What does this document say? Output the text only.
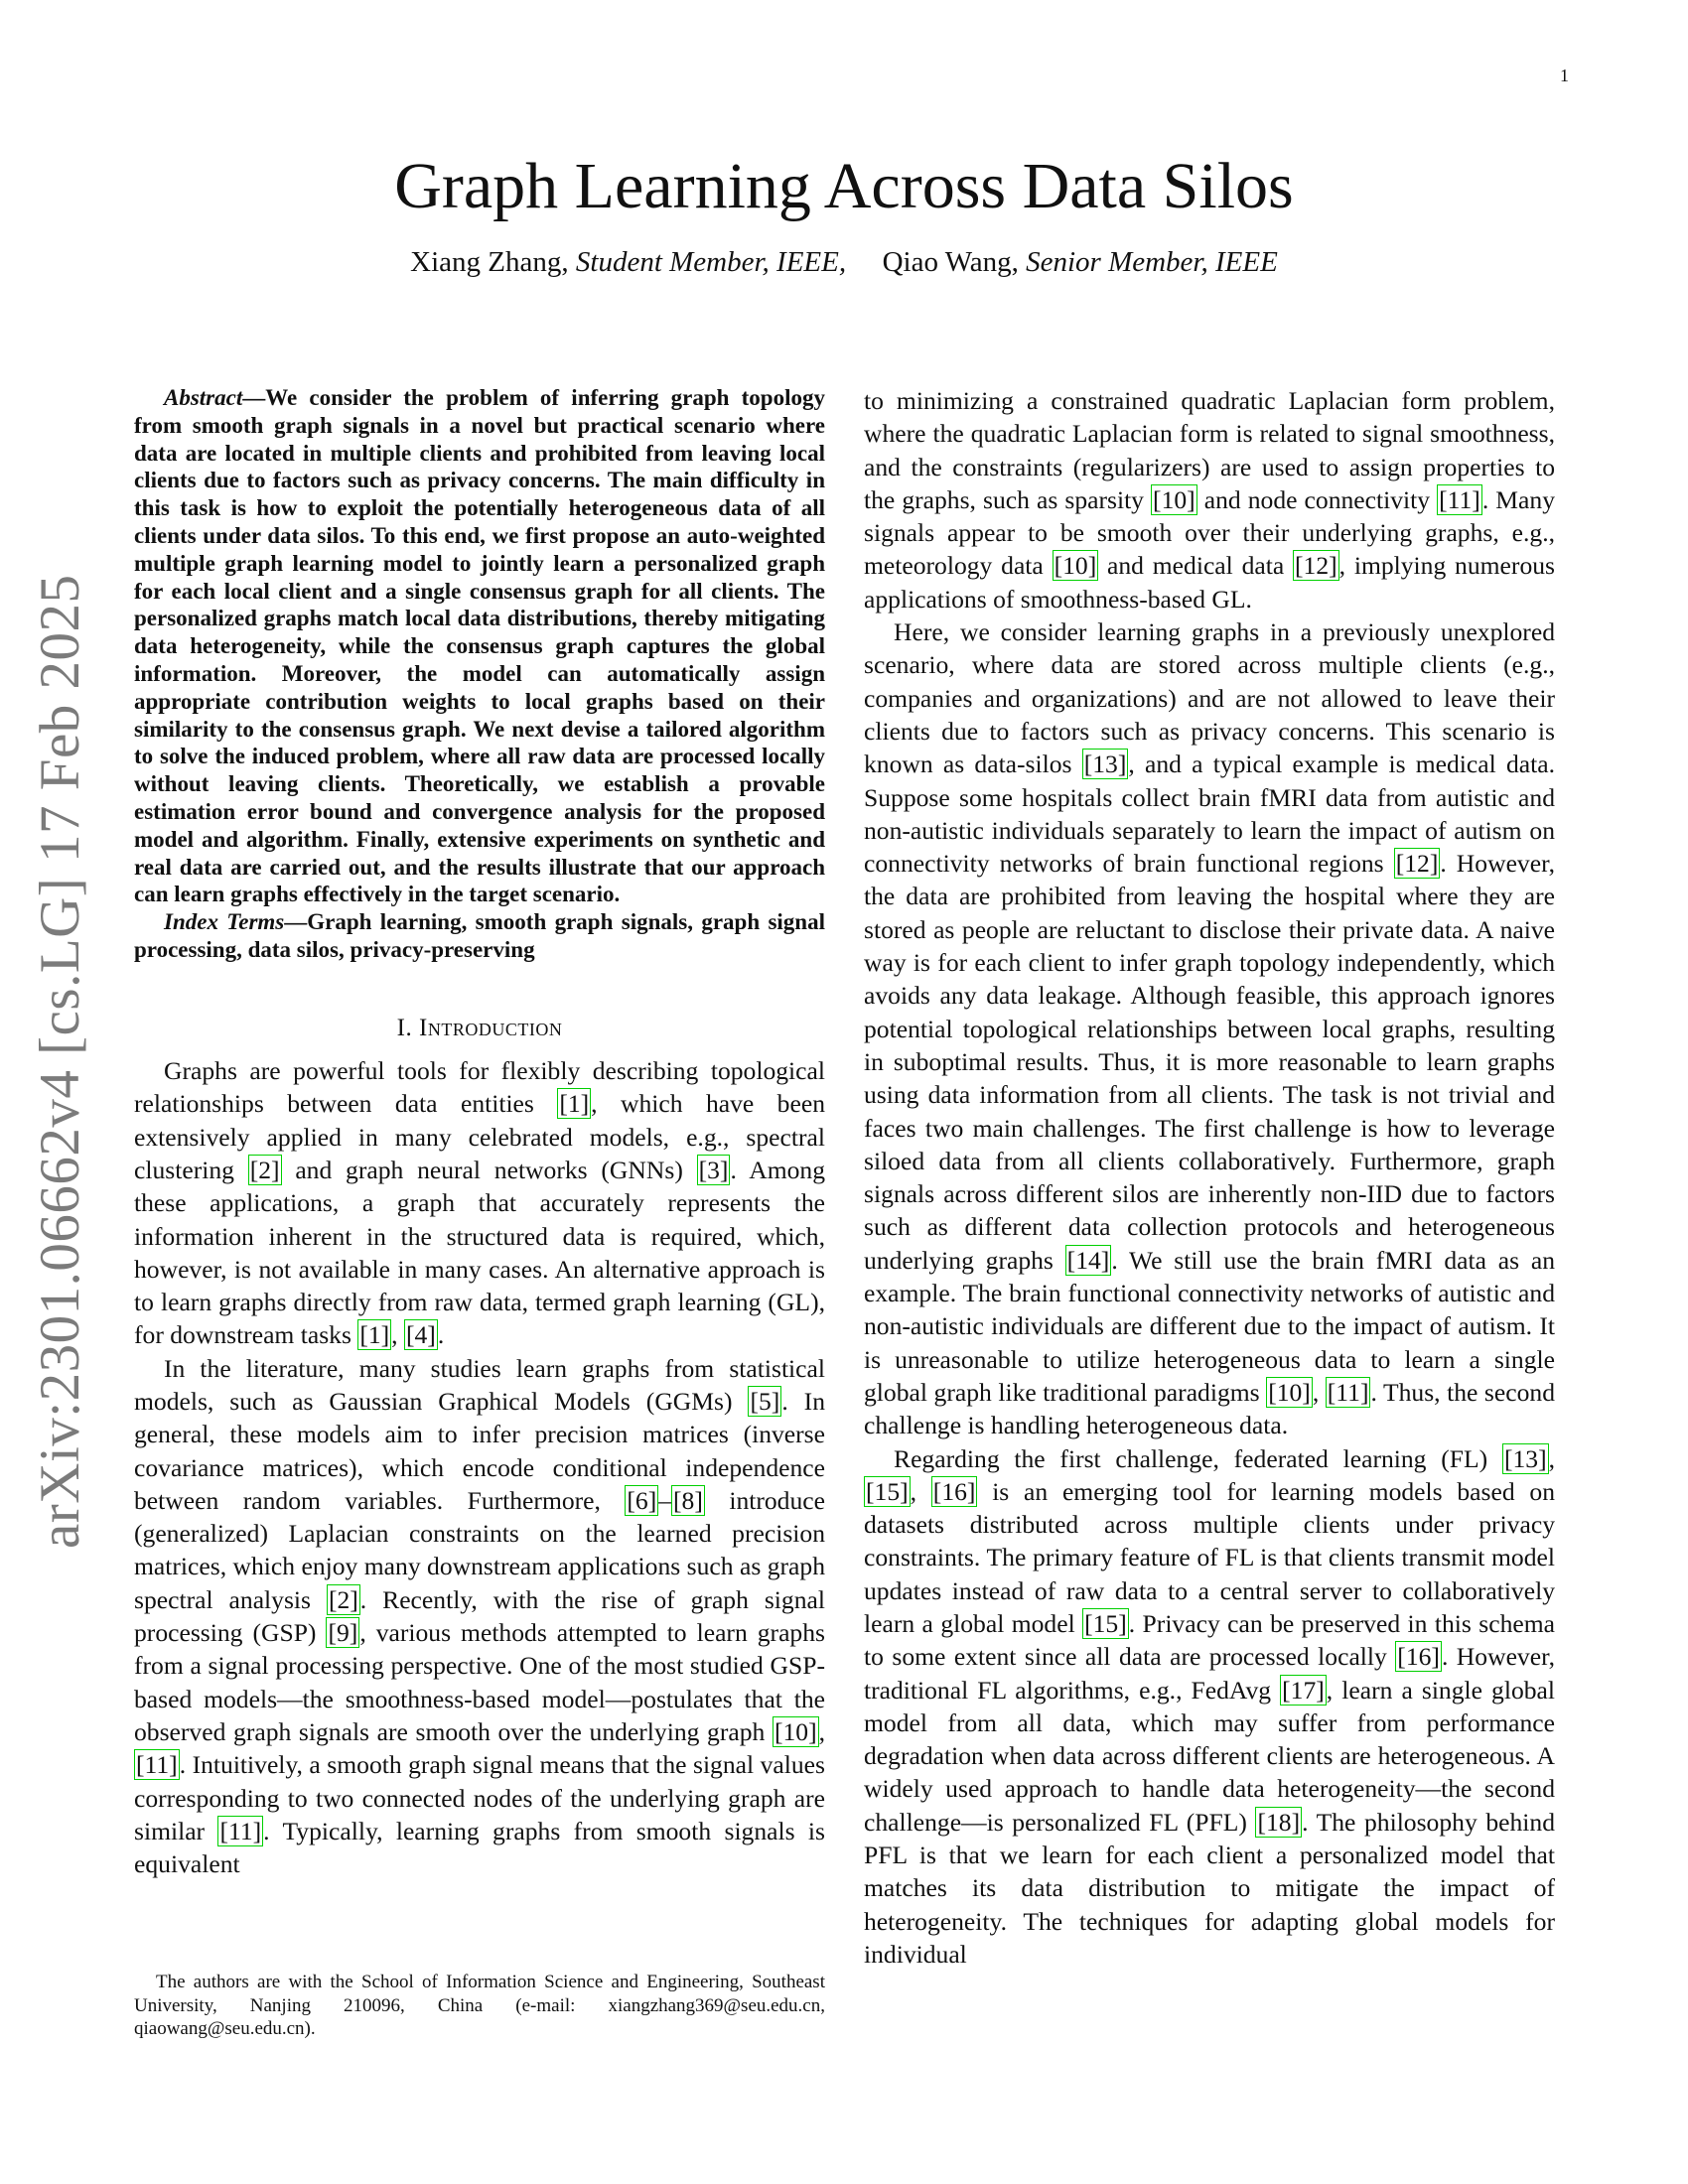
1
arXiv:2301.06662v4 [cs.LG] 17 Feb 2025
Graph Learning Across Data Silos
Xiang Zhang, Student Member, IEEE, Qiao Wang, Senior Member, IEEE

Abstract—We consider the problem of inferring graph topology from smooth graph signals in a novel but practical scenario where data are located in multiple clients and prohibited from leaving local clients due to factors such as privacy concerns. The main difficulty in this task is how to exploit the potentially heterogeneous data of all clients under data silos. To this end, we first propose an auto-weighted multiple graph learning model to jointly learn a personalized graph for each local client and a single consensus graph for all clients. The personalized graphs match local data distributions, thereby mitigating data heterogeneity, while the consensus graph captures the global information. Moreover, the model can automatically assign appropriate contribution weights to local graphs based on their similarity to the consensus graph. We next devise a tailored algorithm to solve the induced problem, where all raw data are processed locally without leaving clients. Theoretically, we establish a provable estimation error bound and convergence analysis for the proposed model and algorithm. Finally, extensive experiments on synthetic and real data are carried out, and the results illustrate that our approach can learn graphs effectively in the target scenario.

Index Terms—Graph learning, smooth graph signals, graph signal processing, data silos, privacy-preserving

I. Introduction

Graphs are powerful tools for flexibly describing topological relationships between data entities [1], which have been extensively applied in many celebrated models, e.g., spectral clustering [2] and graph neural networks (GNNs) [3]. Among these applications, a graph that accurately represents the information inherent in the structured data is required, which, however, is not available in many cases. An alternative approach is to learn graphs directly from raw data, termed graph learning (GL), for downstream tasks [1], [4].

In the literature, many studies learn graphs from statistical models, such as Gaussian Graphical Models (GGMs) [5]. In general, these models aim to infer precision matrices (inverse covariance matrices), which encode conditional independence between random variables. Furthermore, [6]–[8] introduce (generalized) Laplacian constraints on the learned precision matrices, which enjoy many downstream applications such as graph spectral analysis [2]. Recently, with the rise of graph signal processing (GSP) [9], various methods attempted to learn graphs from a signal processing perspective. One of the most studied GSP-based models—the smoothness-based model—postulates that the observed graph signals are smooth over the underlying graph [10], [11]. Intuitively, a smooth graph signal means that the signal values corresponding to two connected nodes of the underlying graph are similar [11]. Typically, learning graphs from smooth signals is equivalent

to minimizing a constrained quadratic Laplacian form problem, where the quadratic Laplacian form is related to signal smoothness, and the constraints (regularizers) are used to assign properties to the graphs, such as sparsity [10] and node connectivity [11]. Many signals appear to be smooth over their underlying graphs, e.g., meteorology data [10] and medical data [12], implying numerous applications of smoothness-based GL.

Here, we consider learning graphs in a previously unexplored scenario, where data are stored across multiple clients (e.g., companies and organizations) and are not allowed to leave their clients due to factors such as privacy concerns. This scenario is known as data-silos [13], and a typical example is medical data. Suppose some hospitals collect brain fMRI data from autistic and non-autistic individuals separately to learn the impact of autism on connectivity networks of brain functional regions [12]. However, the data are prohibited from leaving the hospital where they are stored as people are reluctant to disclose their private data. A naive way is for each client to infer graph topology independently, which avoids any data leakage. Although feasible, this approach ignores potential topological relationships between local graphs, resulting in suboptimal results. Thus, it is more reasonable to learn graphs using data information from all clients. The task is not trivial and faces two main challenges. The first challenge is how to leverage siloed data from all clients collaboratively. Furthermore, graph signals across different silos are inherently non-IID due to factors such as different data collection protocols and heterogeneous underlying graphs [14]. We still use the brain fMRI data as an example. The brain functional connectivity networks of autistic and non-autistic individuals are different due to the impact of autism. It is unreasonable to utilize heterogeneous data to learn a single global graph like traditional paradigms [10], [11]. Thus, the second challenge is handling heterogeneous data.

Regarding the first challenge, federated learning (FL) [13], [15], [16] is an emerging tool for learning models based on datasets distributed across multiple clients under privacy constraints. The primary feature of FL is that clients transmit model updates instead of raw data to a central server to collaboratively learn a global model [15]. Privacy can be preserved in this schema to some extent since all data are processed locally [16]. However, traditional FL algorithms, e.g., FedAvg [17], learn a single global model from all data, which may suffer from performance degradation when data across different clients are heterogeneous. A widely used approach to handle data heterogeneity—the second challenge—is personalized FL (PFL) [18]. The philosophy behind PFL is that we learn for each client a personalized model that matches its data distribution to mitigate the impact of heterogeneity. The techniques for adapting global models for individual

The authors are with the School of Information Science and Engineering, Southeast University, Nanjing 210096, China (e-mail: xiangzhang369@seu.edu.cn, qiaowang@seu.edu.cn).
